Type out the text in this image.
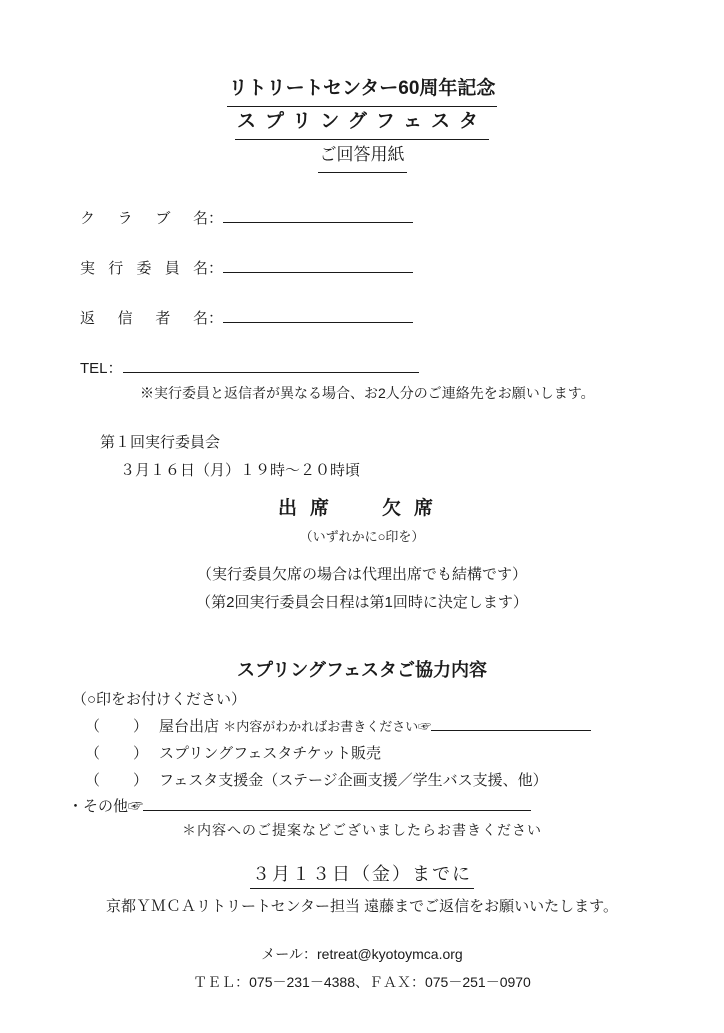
リトリートセンター60周年記念
スプリングフェスタ
ご回答用紙
クラブ名：
実行委員名：
返信者名：
TEL：
※実行委員と返信者が異なる場合、お2人分のご連絡先をお願いします。
第１回実行委員会
３月１６日（月）１９時～２０時頃
出席 欠席
（いずれかに○印を）
（実行委員欠席の場合は代理出席でも結構です）
（第2回実行委員会日程は第1回時に決定します）
スプリングフェスタご協力内容
（○印をお付けください）
（　　） 屋台出店 ＊内容がわかればお書きください☞
（　　） スプリングフェスタチケット販売
（　　） フェスタ支援金（ステージ企画支援／学生バス支援、他）
・その他☞
＊内容へのご提案などございましたらお書きください
３月１３日（金）までに
京都ＹＭＣＡリトリートセンター担当 遠藤までご返信をお願いいたします。
メール：retreat@kyotoymca.org
ＴＥＬ：075－231－4388、ＦＡＸ：075－251－0970
